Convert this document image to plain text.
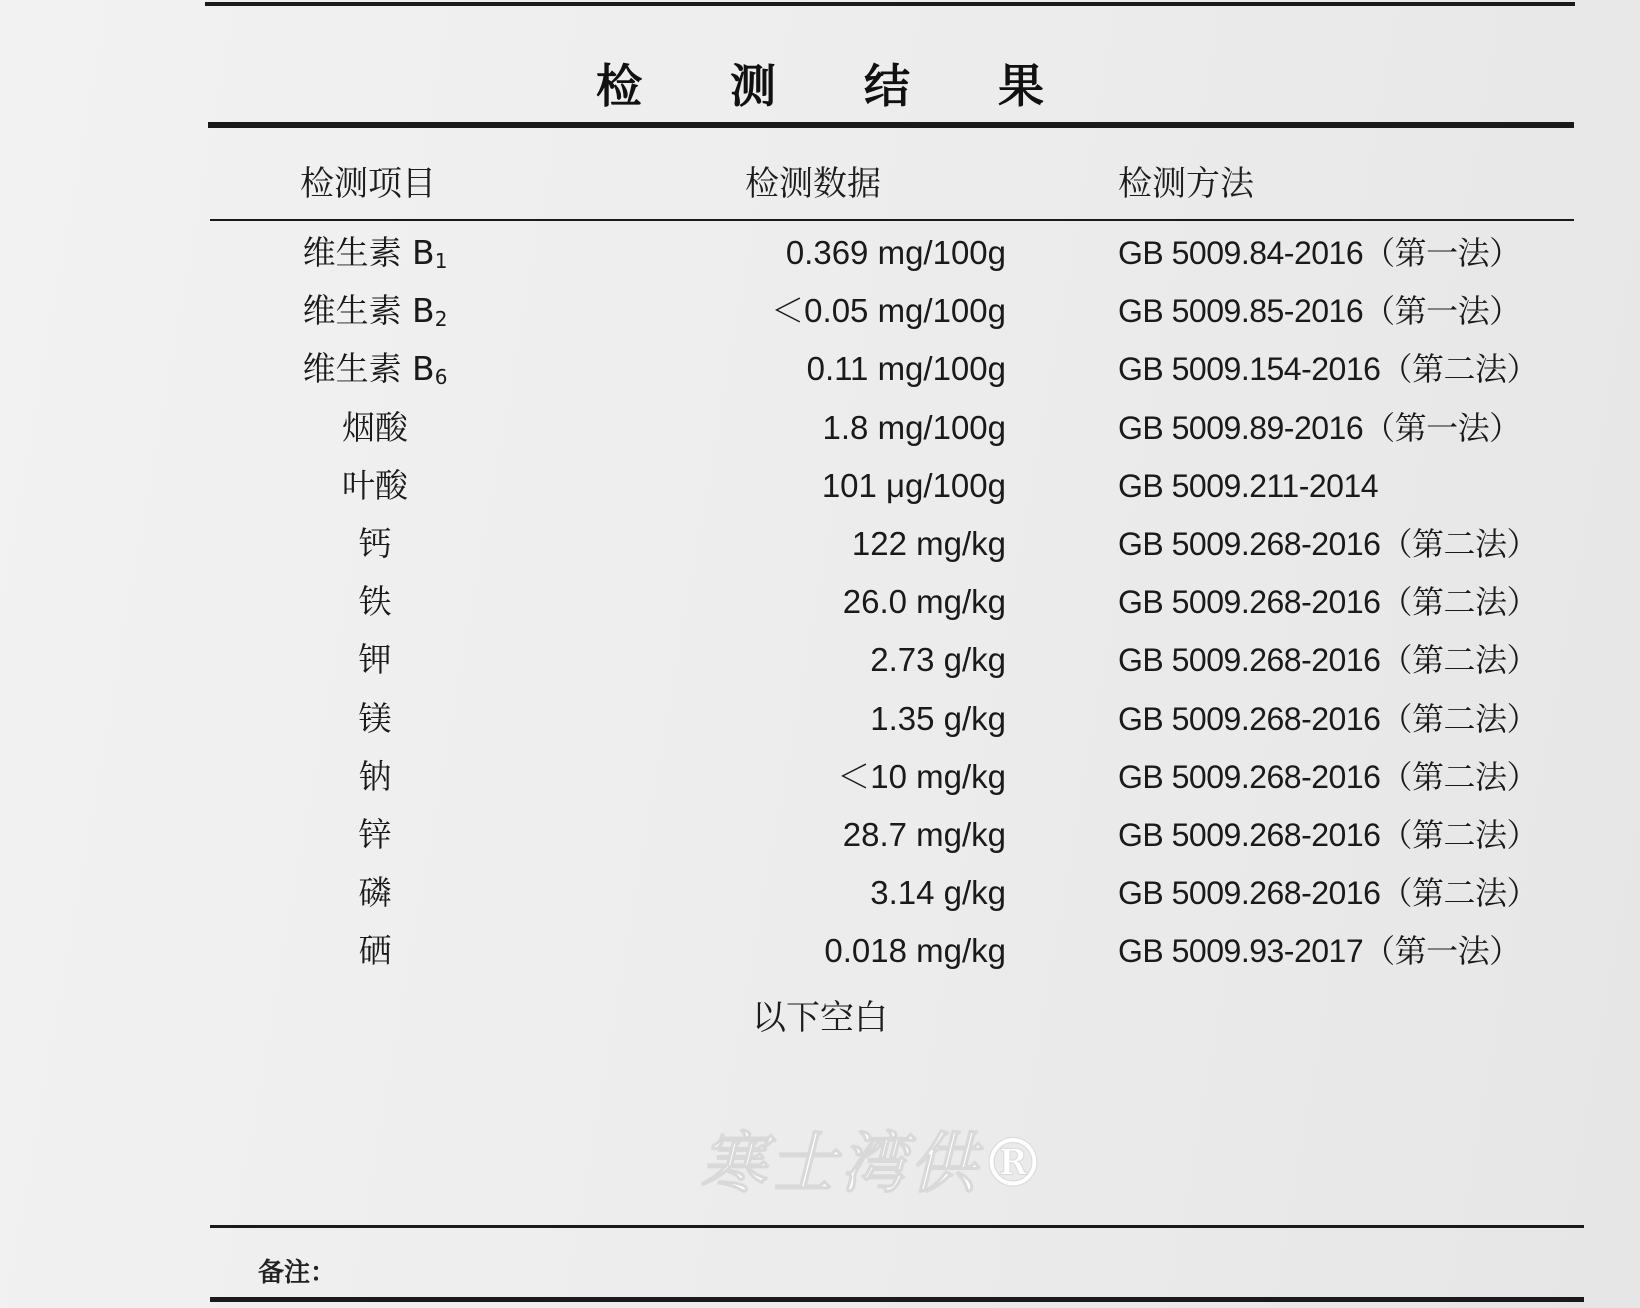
检 测 结 果
检测项目	检测数据	检测方法
维生素 $B_1$	0.369 mg/100g	GB 5009.84-2016（第一法）
维生素 $B_2$	＜0.05 mg/100g	GB 5009.85-2016（第一法）
维生素 $B_6$	0.11 mg/100g	GB 5009.154-2016（第二法）
烟酸	1.8 mg/100g	GB 5009.89-2016（第一法）
叶酸	101 μg/100g	GB 5009.211-2014
钙	122 mg/kg	GB 5009.268-2016（第二法）
铁	26.0 mg/kg	GB 5009.268-2016（第二法）
钾	2.73 g/kg	GB 5009.268-2016（第二法）
镁	1.35 g/kg	GB 5009.268-2016（第二法）
钠	＜10 mg/kg	GB 5009.268-2016（第二法）
锌	28.7 mg/kg	GB 5009.268-2016（第二法）
磷	3.14 g/kg	GB 5009.268-2016（第二法）
硒	0.018 mg/kg	GB 5009.93-2017（第一法）
以下空白
寒士湾供®
备注：
